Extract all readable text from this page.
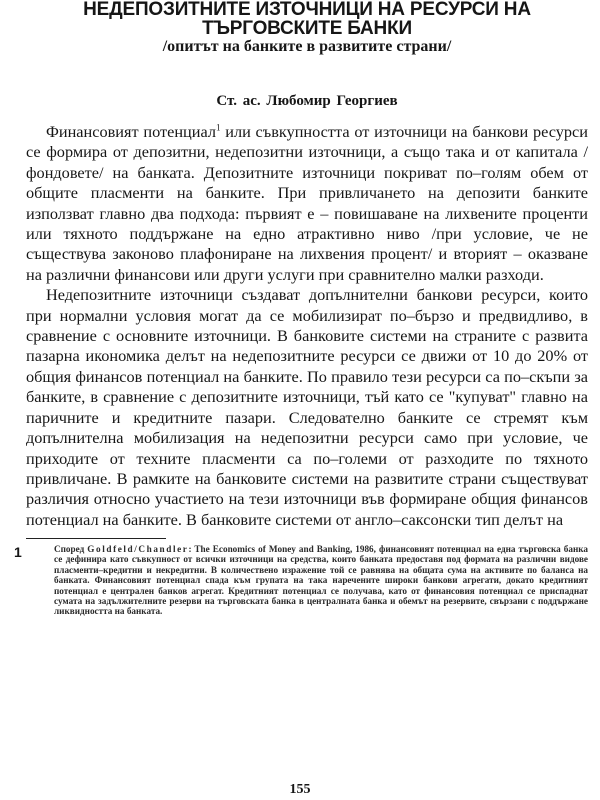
НЕДЕПОЗИТНИТЕ ИЗТОЧНИЦИ НА РЕСУРСИ НА
ТЪРГОВСКИТЕ БАНКИ

/опитът на банките в развитите страни/

Ст. ас. Любомир Георгиев

Финансовият потенциал$^1$ или съвкупността от източници на банкови ресурси се формира от депозитни, недепозитни източници, а също така и от капитала /фондовете/ на банката. Депозитните източници покриват по–голям обем от общите пласменти на банките. При привличането на депозити банките използват главно два подхода: първият е – повишаване на лихвените проценти или тяхното поддържане на едно атрактивно ниво /при условие, че не съществува законово плафониране на лихвения процент/ и вторият – оказване на различни финансови или други услуги при сравнително малки разходи.

Недепозитните източници създават допълнителни банкови ресурси, които при нормални условия могат да се мобилизират по–бързо и предвидливо, в сравнение с основните източници. В банковите системи на страните с развита пазарна икономика делът на недепозитните ресурси се движи от 10 до 20% от общия финансов потенциал на банките. По правило тези ресурси са по–скъпи за банките, в сравнение с депозитните източници, тъй като се "купуват" главно на паричните и кредитните пазари. Следователно банките се стремят към допълнителна мобилизация на недепозитни ресурси само при условие, че приходите от техните пласменти са по–големи от разходите по тяхното привличане. В рамките на банковите системи на развитите страни съществуват различия относно участието на тези източници във формиране общия финансов потенциал на банките. В банковите системи от англо–саксонски тип делът на

1	Според Goldfeld/Chandler: The Economics of Money and Banking, 1986, финансовият потенциал на една търговска банка се дефинира като съвкупност от всички източници на средства, които банката предоставя под формата на различни видове пласменти–кредитни и некредитни. В количествено изражение той се равнява на общата сума на активите по баланса на банката. Финансовият потенциал спада към групата на така наречените широки банкови агрегати, докато кредитният потенциал е централен банков агрегат. Кредитният потенциал се получава, като от финансовия потенциал се приспаднат сумата на задължителните резерви на търговската банка в централната банка и обемът на резервите, свързани с поддържане ликвидността на банката.

155
